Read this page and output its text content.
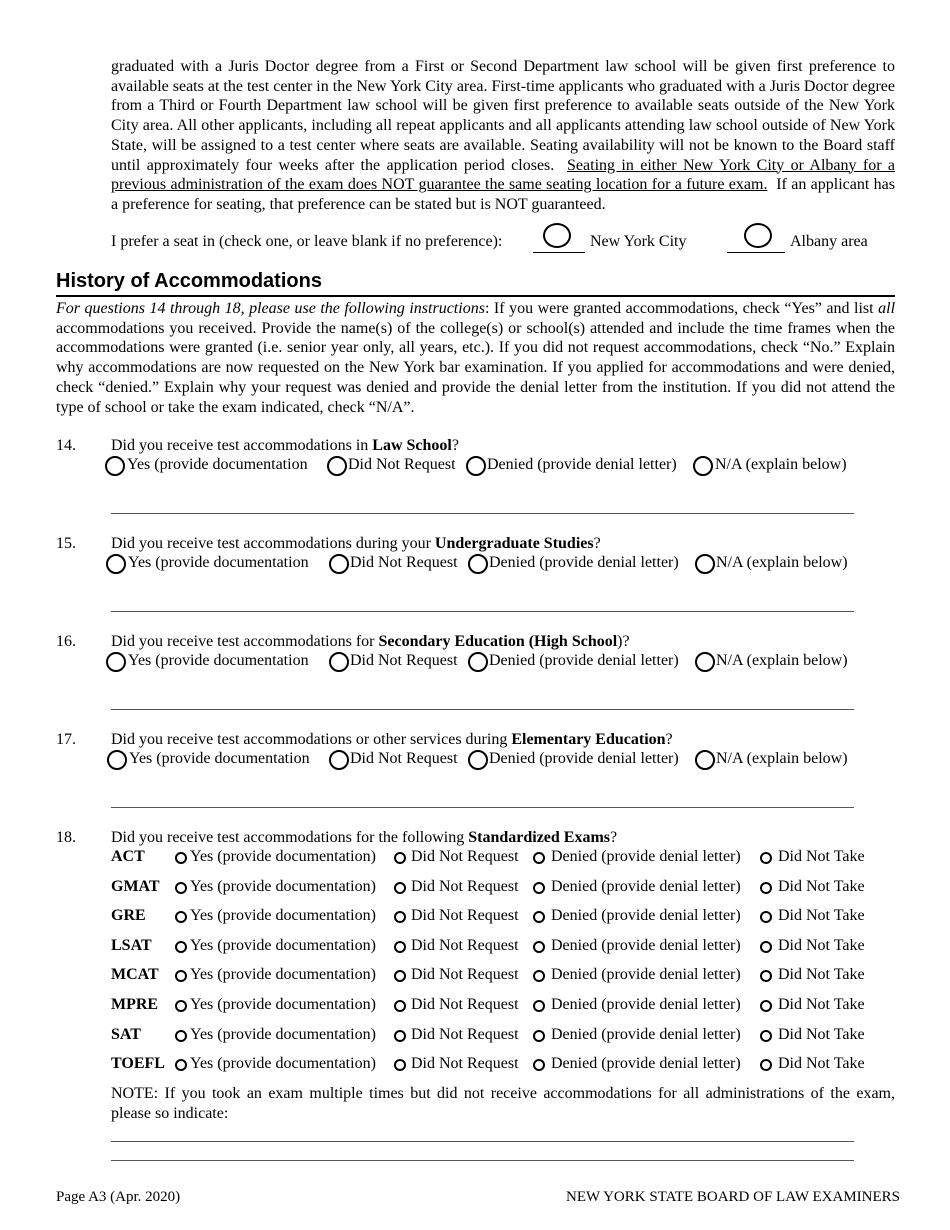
graduated with a Juris Doctor degree from a First or Second Department law school will be given first preference to available seats at the test center in the New York City area. First-time applicants who graduated with a Juris Doctor degree from a Third or Fourth Department law school will be given first preference to available seats outside of the New York City area. All other applicants, including all repeat applicants and all applicants attending law school outside of New York State, will be assigned to a test center where seats are available. Seating availability will not be known to the Board staff until approximately four weeks after the application period closes. Seating in either New York City or Albany for a previous administration of the exam does NOT guarantee the same seating location for a future exam. If an applicant has a preference for seating, that preference can be stated but is NOT guaranteed.

I prefer a seat in (check one, or leave blank if no preference):	New York City	Albany area
History of Accommodations

For questions 14 through 18, please use the following instructions: If you were granted accommodations, check “Yes” and list all accommodations you received. Provide the name(s) of the college(s) or school(s) attended and include the time frames when the accommodations were granted (i.e. senior year only, all years, etc.). If you did not request accommodations, check “No.” Explain why accommodations are now requested on the New York bar examination. If you applied for accommodations and were denied, check “denied.” Explain why your request was denied and provide the denial letter from the institution. If you did not attend the type of school or take the exam indicated, check “N/A”.

14. Did you receive test accommodations in Law School?
Yes (provide documentation	Did Not Request Denied (provide denial letter) N/A (explain below)
15. Did you receive test accommodations during your Undergraduate Studies?
Yes (provide documentation	Did Not Request Denied (provide denial letter) N/A (explain below)
16. Did you receive test accommodations for Secondary Education (High School)?
Yes (provide documentation	Did Not Request Denied (provide denial letter) N/A (explain below)
17. Did you receive test accommodations or other services during Elementary Education?
Yes (provide documentation	Did Not Request Denied (provide denial letter) N/A (explain below)
18. Did you receive test accommodations for the following Standardized Exams?
ACT	Yes (provide documentation) Did Not Request Denied (provide denial letter) Did Not Take
GMAT Yes (provide documentation) Did Not Request Denied (provide denial letter) Did Not Take
GRE	Yes (provide documentation) Did Not Request Denied (provide denial letter) Did Not Take
LSAT Yes (provide documentation) Did Not Request Denied (provide denial letter) Did Not Take
MCAT Yes (provide documentation) Did Not Request Denied (provide denial letter) Did Not Take
MPRE Yes (provide documentation) Did Not Request Denied (provide denial letter) Did Not Take
SAT	Yes (provide documentation) Did Not Request Denied (provide denial letter) Did Not Take
TOEFL Yes (provide documentation) Did Not Request Denied (provide denial letter) Did Not Take

NOTE: If you took an exam multiple times but did not receive accommodations for all administrations of the exam, please so indicate:

Page A3 (Apr. 2020)	NEW YORK STATE BOARD OF LAW EXAMINERS
